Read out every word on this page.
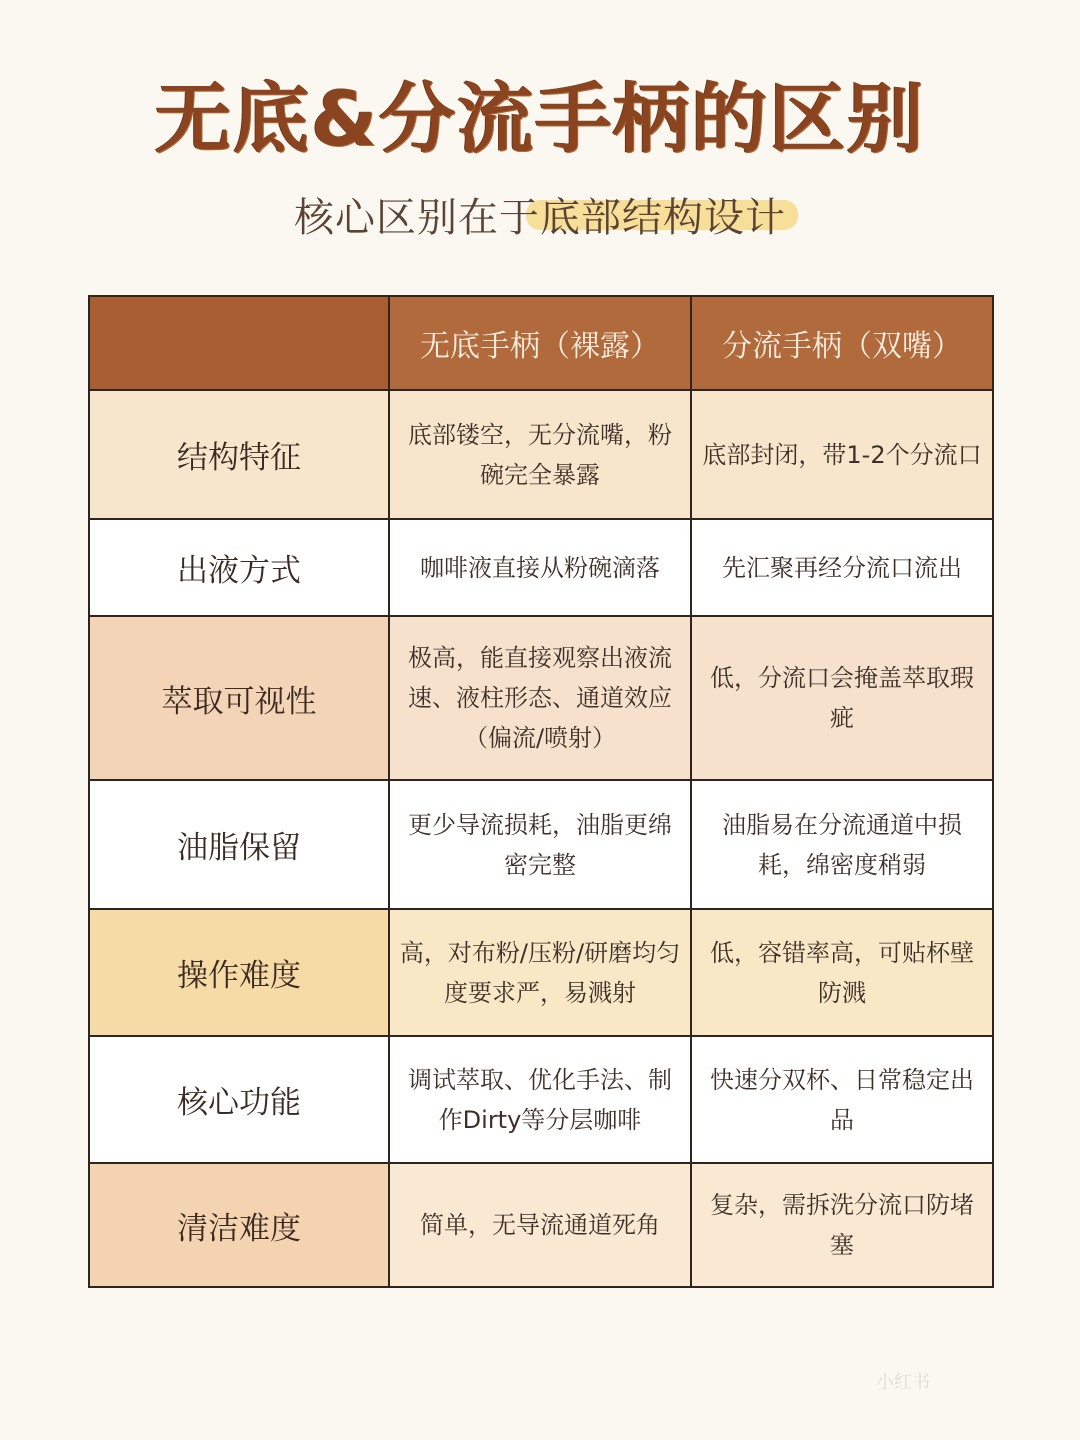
无底&分流手柄的区别
核心区别在于底部结构设计
	无底手柄（裸露）	分流手柄（双嘴）
结构特征	底部镂空，无分流嘴，粉碗完全暴露	底部封闭，带1-2个分流口
出液方式	咖啡液直接从粉碗滴落	先汇聚再经分流口流出
萃取可视性	极高，能直接观察出液流速、液柱形态、通道效应（偏流/喷射）	低，分流口会掩盖萃取瑕疵
油脂保留	更少导流损耗，油脂更绵密完整	油脂易在分流通道中损耗，绵密度稍弱
操作难度	高，对布粉/压粉/研磨均匀度要求严，易溅射	低，容错率高，可贴杯壁防溅
核心功能	调试萃取、优化手法、制作Dirty等分层咖啡	快速分双杯、日常稳定出品
清洁难度	简单，无导流通道死角	复杂，需拆洗分流口防堵塞
小红书
